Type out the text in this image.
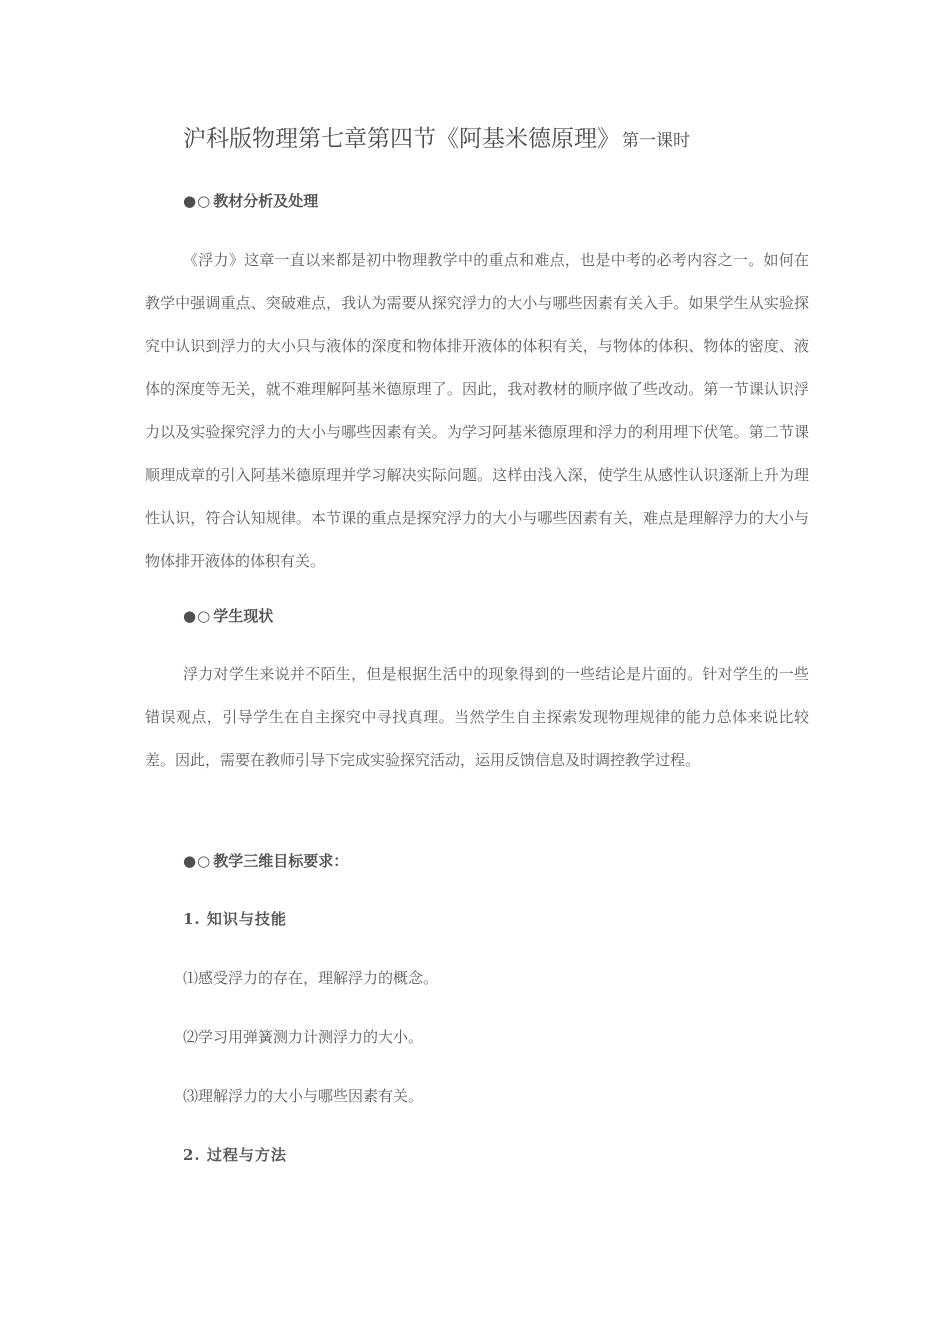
沪科版物理第七章第四节《阿基米德原理》 第一课时
●○ 教材分析及处理

《浮力》这章一直以来都是初中物理教学中的重点和难点，也是中考的必考内容之一。如何在教学中强调重点、突破难点，我认为需要从探究浮力的大小与哪些因素有关入手。如果学生从实验探究中认识到浮力的大小只与液体的深度和物体排开液体的体积有关，与物体的体积、物体的密度、液体的深度等无关，就不难理解阿基米德原理了。因此，我对教材的顺序做了些改动。第一节课认识浮力以及实验探究浮力的大小与哪些因素有关。为学习阿基米德原理和浮力的利用埋下伏笔。第二节课顺理成章的引入阿基米德原理并学习解决实际问题。这样由浅入深，使学生从感性认识逐渐上升为理性认识，符合认知规律。本节课的重点是探究浮力的大小与哪些因素有关，难点是理解浮力的大小与物体排开液体的体积有关。

●○ 学生现状

浮力对学生来说并不陌生，但是根据生活中的现象得到的一些结论是片面的。针对学生的一些错误观点，引导学生在自主探究中寻找真理。当然学生自主探索发现物理规律的能力总体来说比较差。因此，需要在教师引导下完成实验探究活动，运用反馈信息及时调控教学过程。

●○ 教学三维目标要求：
1. 知识与技能
⑴感受浮力的存在，理解浮力的概念。
⑵学习用弹簧测力计测浮力的大小。
⑶理解浮力的大小与哪些因素有关。
2. 过程与方法
